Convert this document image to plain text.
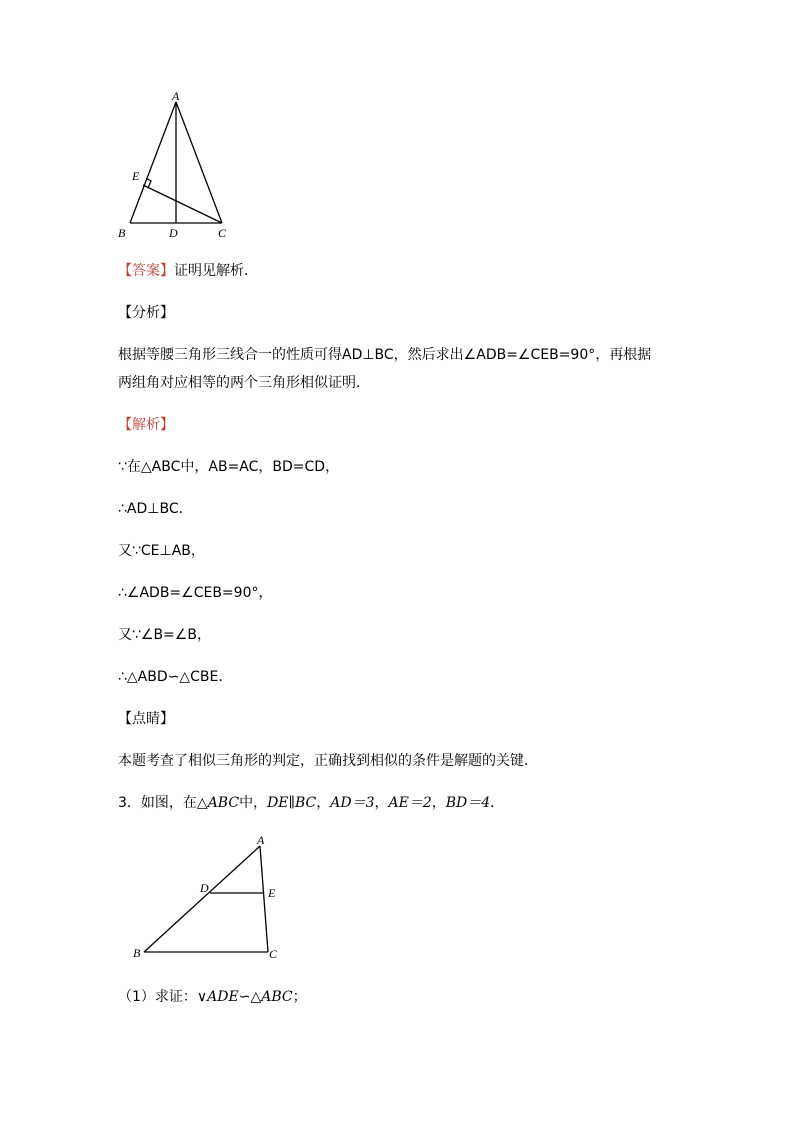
A
E
B	D	C
【答案】证明见解析．
【分析】
根据等腰三角形三线合一的性质可得AD⊥BC，然后求出∠ADB=∠CEB=90°，再根据
两组角对应相等的两个三角形相似证明．
【解析】
∵在△ABC中，AB=AC，BD=CD，
∴AD⊥BC．
又∵CE⊥AB，
∴∠ADB=∠CEB=90°，
又∵∠B=∠B，
∴△ABD∽△CBE．
【点睛】
本题考查了相似三角形的判定，正确找到相似的条件是解题的关键．
3．如图，在△ABC中，DE∥BC，AD＝3，AE＝2，BD＝4．
A
D	E
B	C
（1）求证：∨ADE∽△ABC；
